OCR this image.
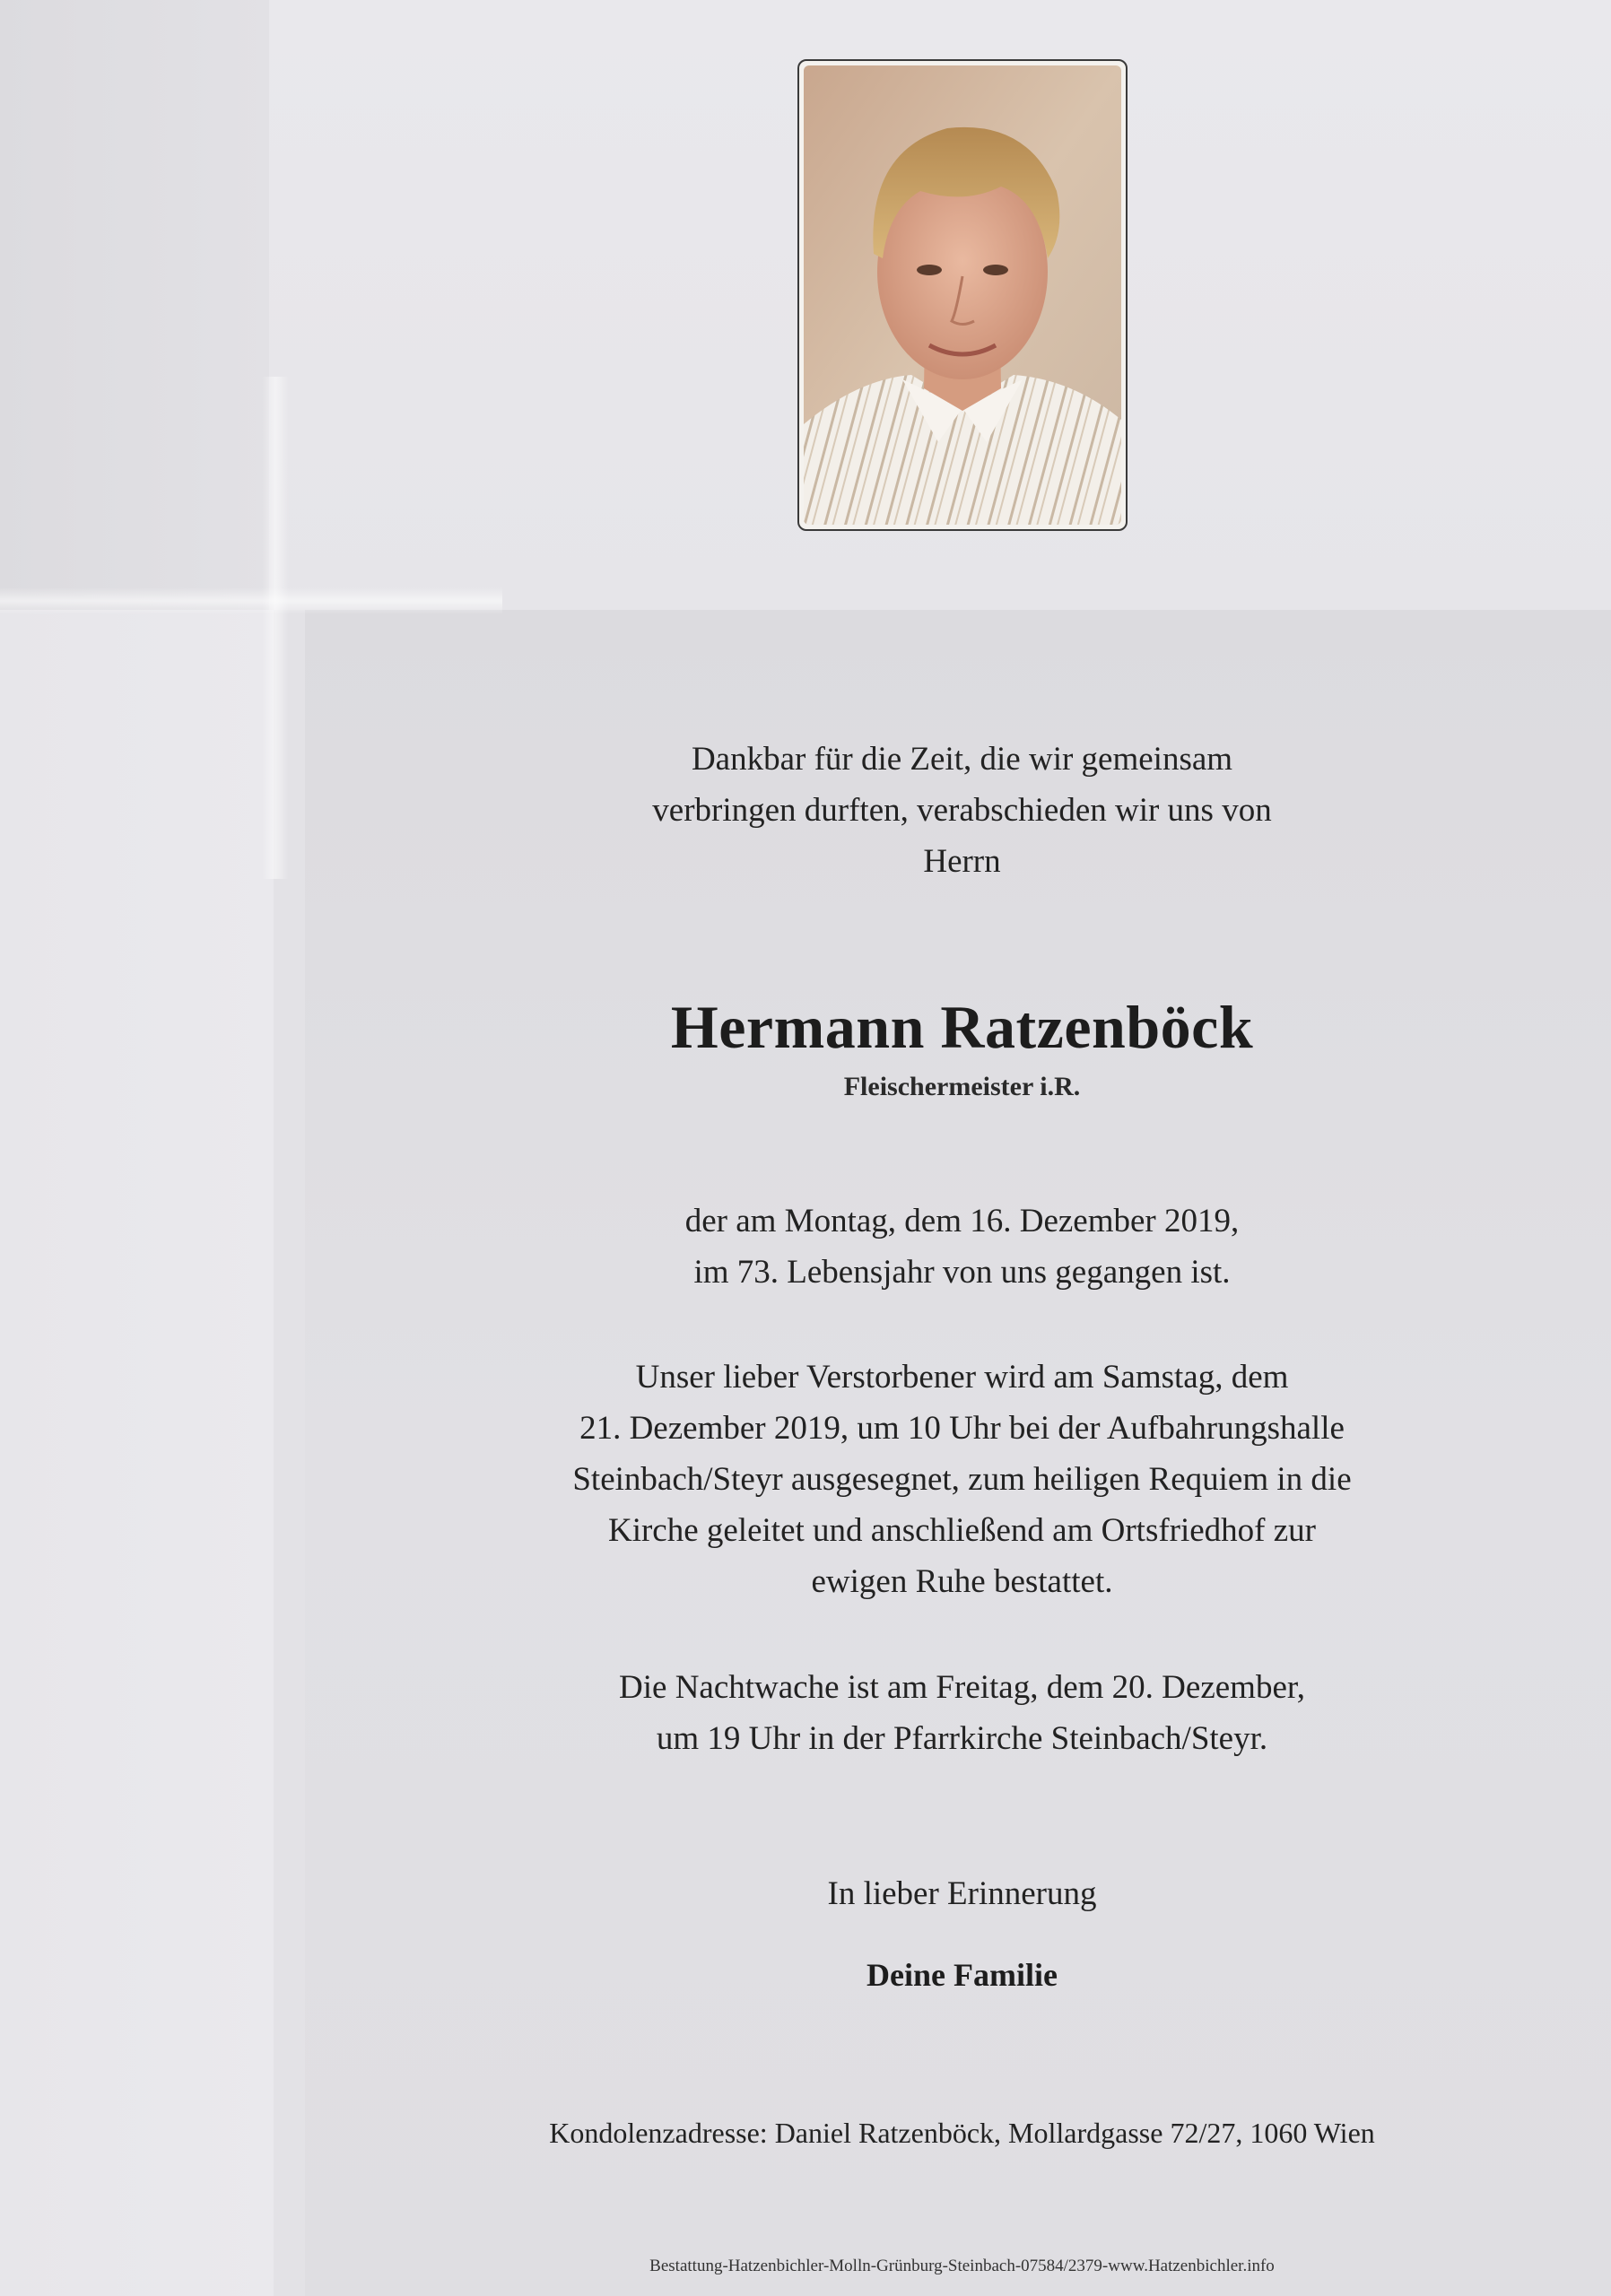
Dankbar für die Zeit, die wir gemeinsam
verbringen durften, verabschieden wir uns von
Herrn
Hermann Ratzenböck
Fleischermeister i.R.
der am Montag, dem 16. Dezember 2019,
im 73. Lebensjahr von uns gegangen ist.
Unser lieber Verstorbener wird am Samstag, dem
21. Dezember 2019, um 10 Uhr bei der Aufbahrungshalle
Steinbach/Steyr ausgesegnet, zum heiligen Requiem in die
Kirche geleitet und anschließend am Ortsfriedhof zur
ewigen Ruhe bestattet.
Die Nachtwache ist am Freitag, dem 20. Dezember,
um 19 Uhr in der Pfarrkirche Steinbach/Steyr.
In lieber Erinnerung
Deine Familie
Kondolenzadresse: Daniel Ratzenböck, Mollardgasse 72/27, 1060 Wien
Bestattung-Hatzenbichler-Molln-Grünburg-Steinbach-07584/2379-www.Hatzenbichler.info
